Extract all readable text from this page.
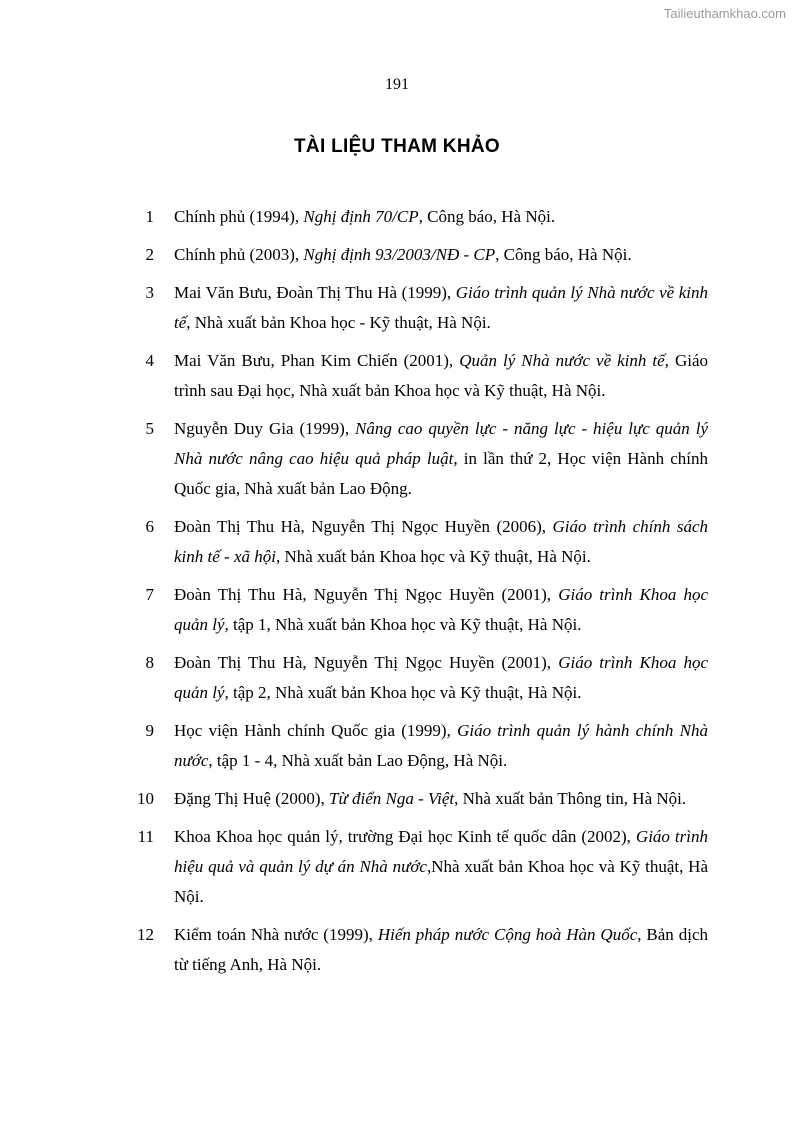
Tailieuthamkhao.com
191
TÀI LIỆU THAM KHẢO
1 Chính phủ (1994), Nghị định 70/CP, Công báo, Hà Nội.
2 Chính phủ (2003), Nghị định 93/2003/NĐ - CP, Công báo, Hà Nội.
3 Mai Văn Bưu, Đoàn Thị Thu Hà (1999), Giáo trình quản lý Nhà nước về kinh tế, Nhà xuất bản Khoa học - Kỹ thuật, Hà Nội.
4 Mai Văn Bưu, Phan Kim Chiến (2001), Quản lý Nhà nước về kinh tế, Giáo trình sau Đại học, Nhà xuất bản Khoa học và Kỹ thuật, Hà Nội.
5 Nguyễn Duy Gia (1999), Nâng cao quyền lực - năng lực - hiệu lực quản lý Nhà nước nâng cao hiệu quả pháp luật, in lần thứ 2, Học viện Hành chính Quốc gia, Nhà xuất bản Lao Động.
6 Đoàn Thị Thu Hà, Nguyễn Thị Ngọc Huyền (2006), Giáo trình chính sách kinh tế - xã hội, Nhà xuất bản Khoa học và Kỹ thuật, Hà Nội.
7 Đoàn Thị Thu Hà, Nguyễn Thị Ngọc Huyền (2001), Giáo trình Khoa học quản lý, tập 1, Nhà xuất bản Khoa học và Kỹ thuật, Hà Nội.
8 Đoàn Thị Thu Hà, Nguyễn Thị Ngọc Huyền (2001), Giáo trình Khoa học quản lý, tập 2, Nhà xuất bản Khoa học và Kỹ thuật, Hà Nội.
9 Học viện Hành chính Quốc gia (1999), Giáo trình quản lý hành chính Nhà nước, tập 1 - 4, Nhà xuất bản Lao Động, Hà Nội.
10 Đặng Thị Huệ (2000), Từ điển Nga - Việt, Nhà xuất bản Thông tin, Hà Nội.
11 Khoa Khoa học quản lý, trường Đại học Kinh tế quốc dân (2002), Giáo trình hiệu quả và quản lý dự án Nhà nước,Nhà xuất bản Khoa học và Kỹ thuật, Hà Nội.
12 Kiểm toán Nhà nước (1999), Hiến pháp nước Cộng hoà Hàn Quốc, Bản dịch từ tiếng Anh, Hà Nội.
